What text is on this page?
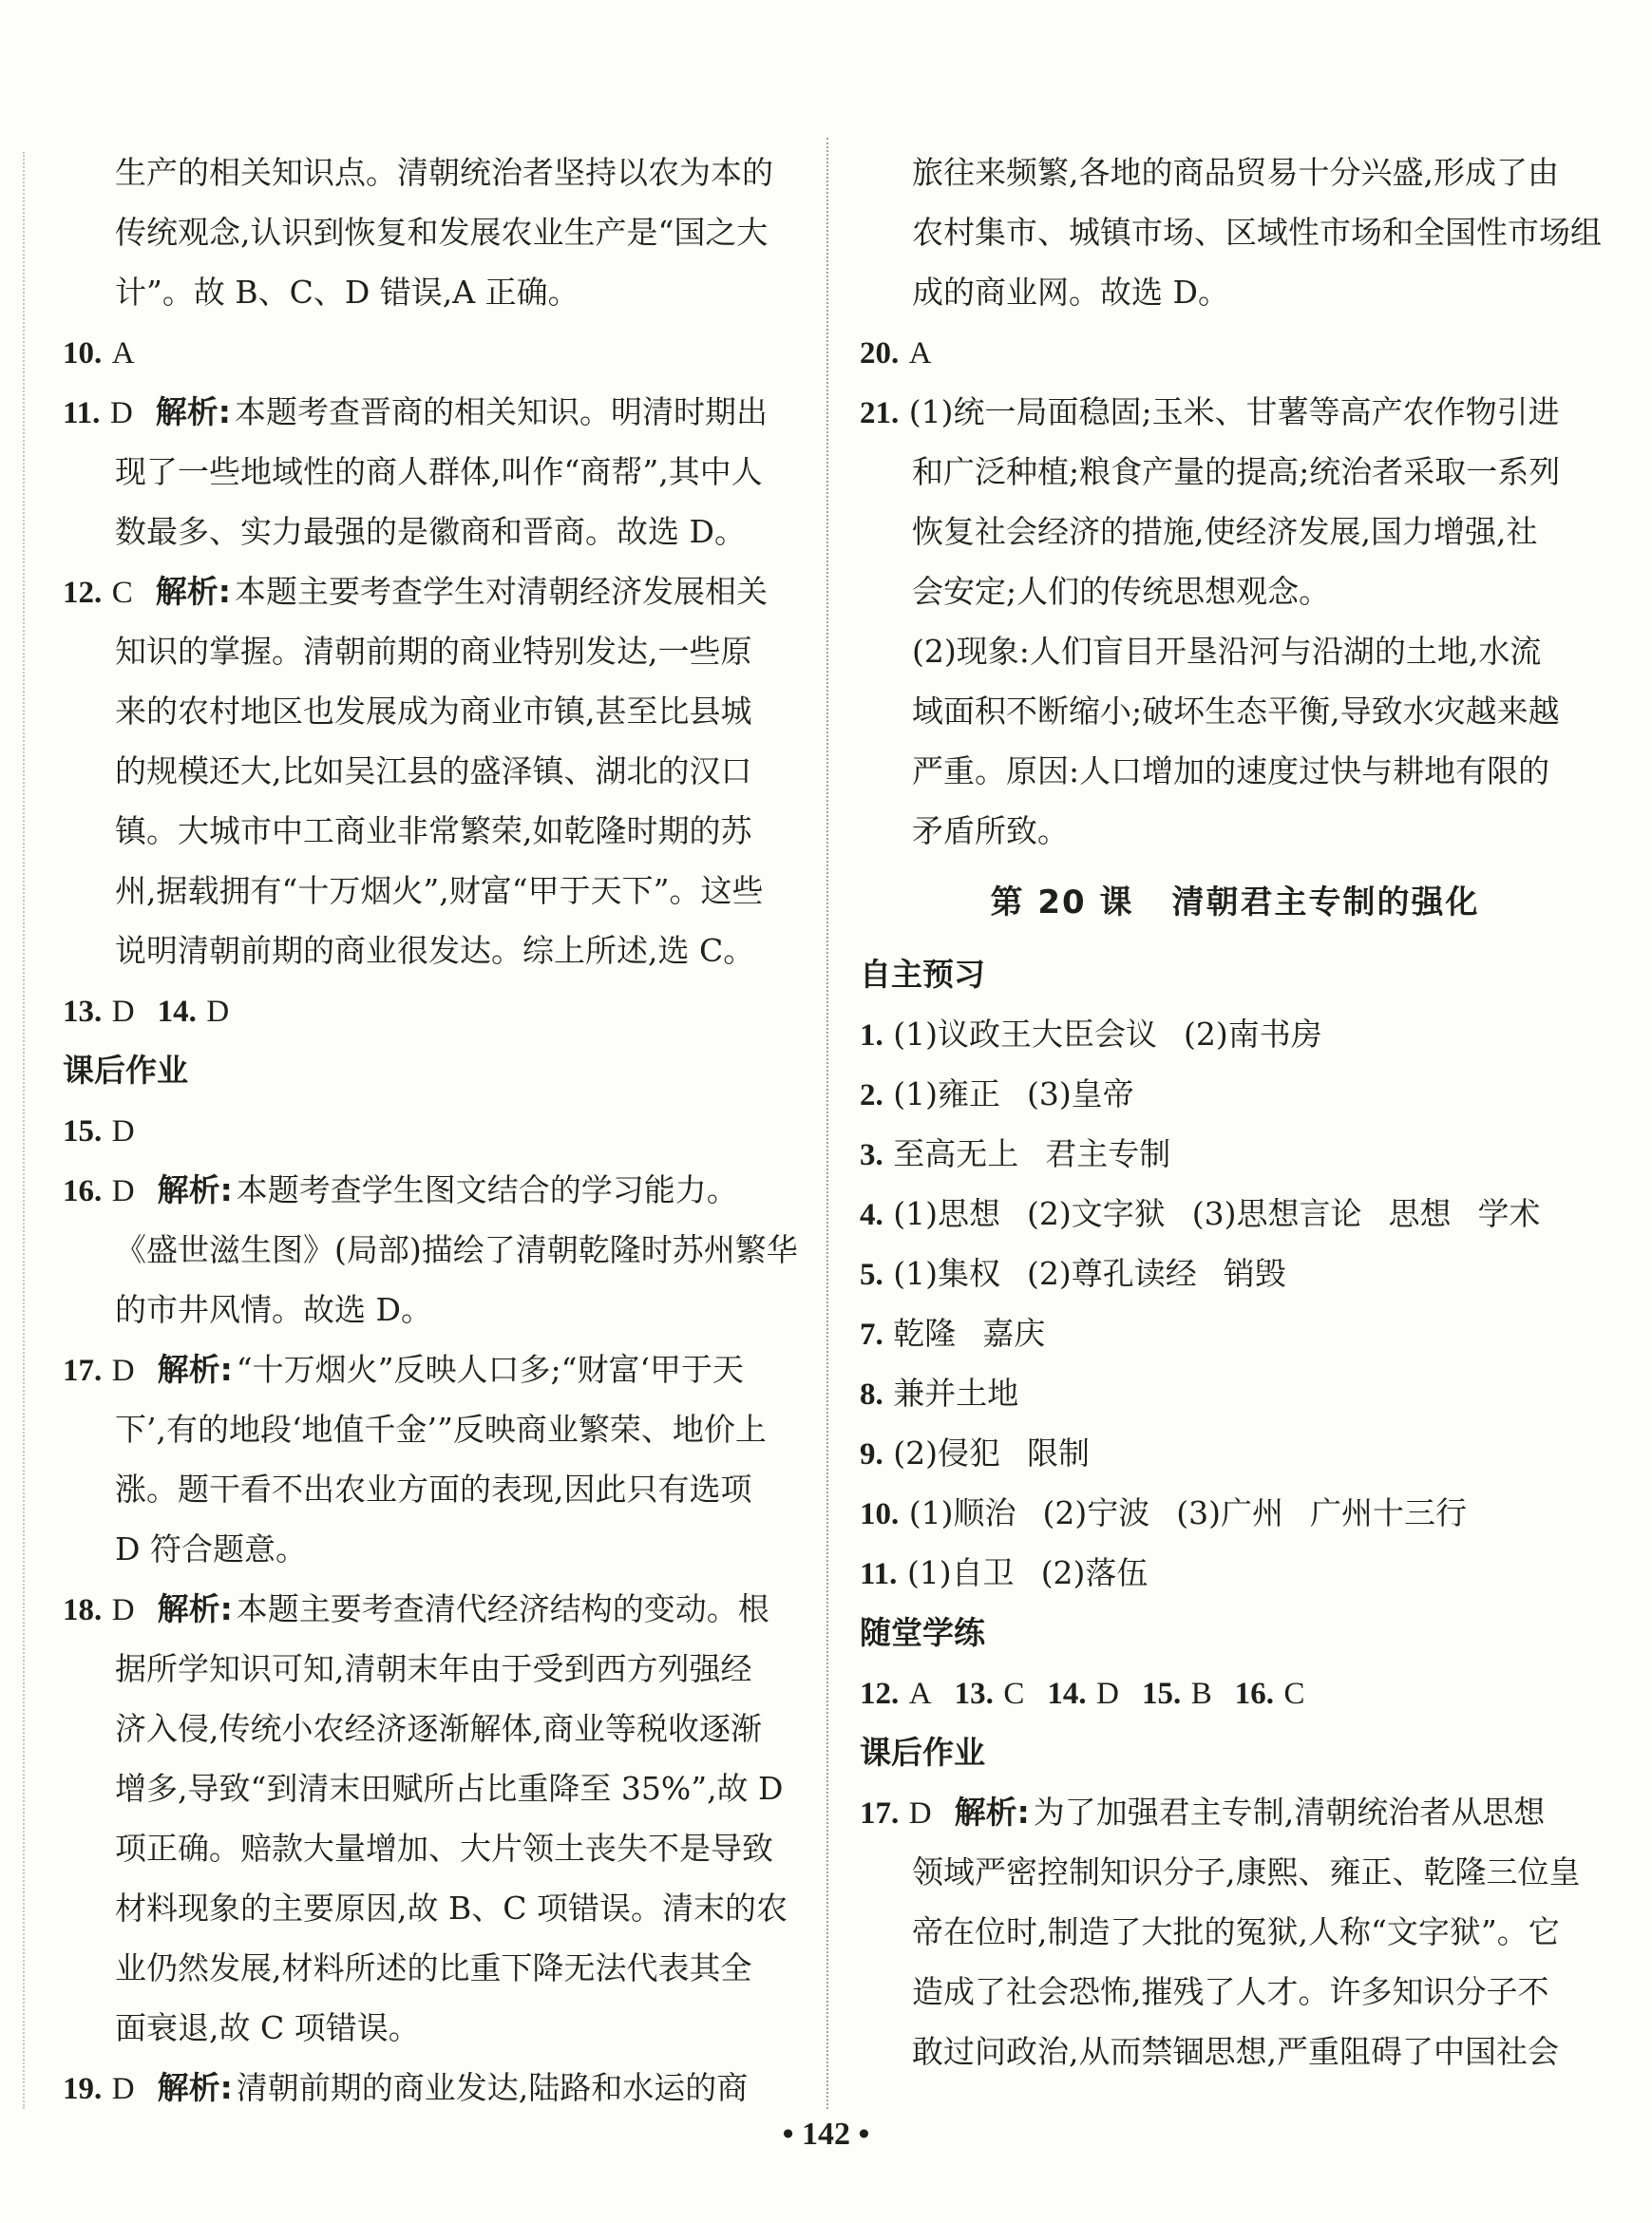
生产的相关知识点。清朝统治者坚持以农为本的
传统观念,认识到恢复和发展农业生产是“国之大
计”。故 B、C、D 错误,A 正确。
10. A
11. D 解析: 本题考查晋商的相关知识。明清时期出
现了一些地域性的商人群体,叫作“商帮”,其中人
数最多、实力最强的是徽商和晋商。故选 D。
12. C 解析: 本题主要考查学生对清朝经济发展相关
知识的掌握。清朝前期的商业特别发达,一些原
来的农村地区也发展成为商业市镇,甚至比县城
的规模还大,比如吴江县的盛泽镇、湖北的汉口
镇。大城市中工商业非常繁荣,如乾隆时期的苏
州,据载拥有“十万烟火”,财富“甲于天下”。这些
说明清朝前期的商业很发达。综上所述,选 C。
13. D 14. D
课后作业
15. D
16. D 解析: 本题考查学生图文结合的学习能力。
《盛世滋生图》(局部)描绘了清朝乾隆时苏州繁华
的市井风情。故选 D。
17. D 解析: “十万烟火”反映人口多;“财富‘甲于天
下’,有的地段‘地值千金’”反映商业繁荣、地价上
涨。题干看不出农业方面的表现,因此只有选项
D 符合题意。
18. D 解析: 本题主要考查清代经济结构的变动。根
据所学知识可知,清朝末年由于受到西方列强经
济入侵,传统小农经济逐渐解体,商业等税收逐渐
增多,导致“到清末田赋所占比重降至 35%”,故 D
项正确。赔款大量增加、大片领土丧失不是导致
材料现象的主要原因,故 B、C 项错误。清末的农
业仍然发展,材料所述的比重下降无法代表其全
面衰退,故 C 项错误。
19. D 解析: 清朝前期的商业发达,陆路和水运的商
旅往来频繁,各地的商品贸易十分兴盛,形成了由
农村集市、城镇市场、区域性市场和全国性市场组
成的商业网。故选 D。
20. A
21. (1)统一局面稳固;玉米、甘薯等高产农作物引进
和广泛种植;粮食产量的提高;统治者采取一系列
恢复社会经济的措施,使经济发展,国力增强,社
会安定;人们的传统思想观念。
(2)现象:人们盲目开垦沿河与沿湖的土地,水流
域面积不断缩小;破坏生态平衡,导致水灾越来越
严重。原因:人口增加的速度过快与耕地有限的
矛盾所致。
第 20 课 清朝君主专制的强化
自主预习
1. (1)议政王大臣会议 (2)南书房
2. (1)雍正 (3)皇帝
3. 至高无上 君主专制
4. (1)思想 (2)文字狱 (3)思想言论 思想 学术
5. (1)集权 (2)尊孔读经 销毁
7. 乾隆 嘉庆
8. 兼并土地
9. (2)侵犯 限制
10. (1)顺治 (2)宁波 (3)广州 广州十三行
11. (1)自卫 (2)落伍
随堂学练
12. A 13. C 14. D 15. B 16. C
课后作业
17. D 解析: 为了加强君主专制,清朝统治者从思想
领域严密控制知识分子,康熙、雍正、乾隆三位皇
帝在位时,制造了大批的冤狱,人称“文字狱”。它
造成了社会恐怖,摧残了人才。许多知识分子不
敢过问政治,从而禁锢思想,严重阻碍了中国社会
• 142 •
